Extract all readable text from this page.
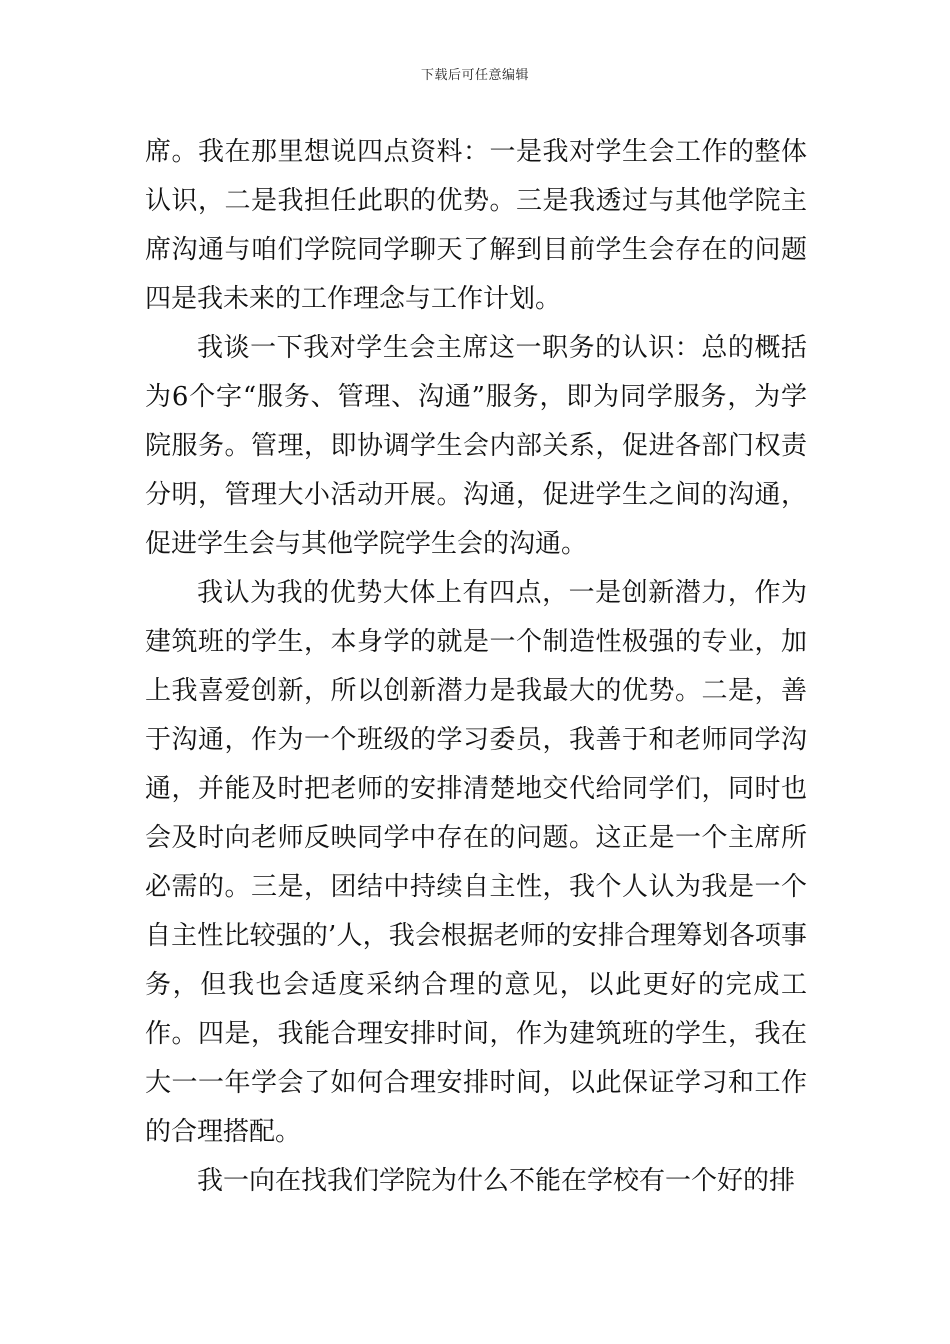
下载后可任意编辑

席。我在那里想说四点资料：一是我对学生会工作的整体认识，二是我担任此职的优势。三是我透过与其他学院主席沟通与咱们学院同学聊天了解到目前学生会存在的问题四是我未来的工作理念与工作计划。

我谈一下我对学生会主席这一职务的认识：总的概括为6个字“服务、管理、沟通”服务，即为同学服务，为学院服务。管理，即协调学生会内部关系，促进各部门权责分明，管理大小活动开展。沟通，促进学生之间的沟通，促进学生会与其他学院学生会的沟通。

我认为我的优势大体上有四点，一是创新潜力，作为建筑班的学生，本身学的就是一个制造性极强的专业，加上我喜爱创新，所以创新潜力是我最大的优势。二是，善于沟通，作为一个班级的学习委员，我善于和老师同学沟通，并能及时把老师的安排清楚地交代给同学们，同时也会及时向老师反映同学中存在的问题。这正是一个主席所必需的。三是，团结中持续自主性，我个人认为我是一个自主性比较强的’人，我会根据老师的安排合理筹划各项事务，但我也会适度采纳合理的意见，以此更好的完成工作。四是，我能合理安排时间，作为建筑班的学生，我在大一一年学会了如何合理安排时间，以此保证学习和工作的合理搭配。

我一向在找我们学院为什么不能在学校有一个好的排
